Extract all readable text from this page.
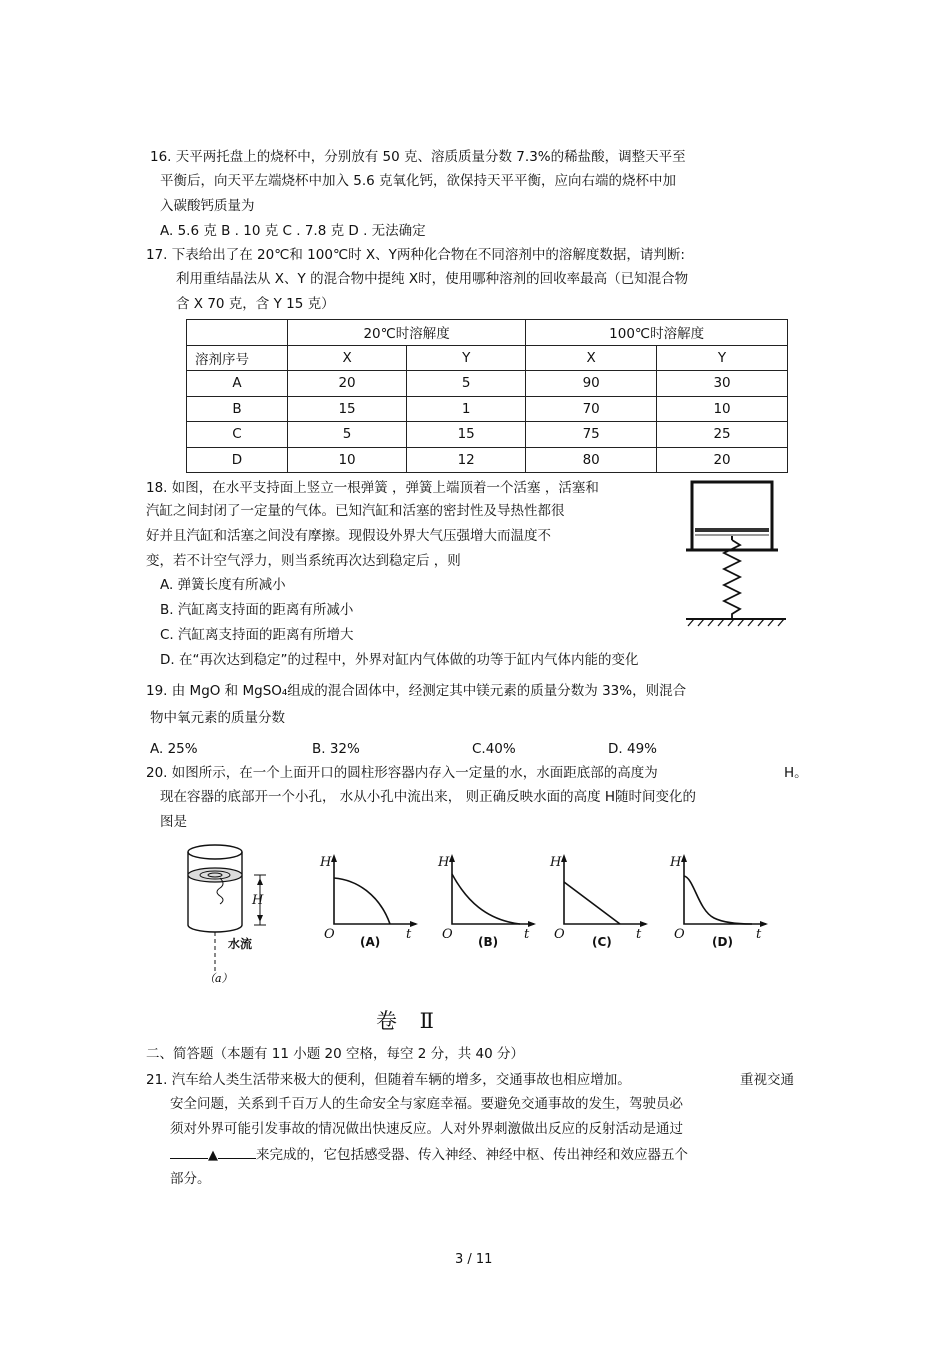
16. 天平两托盘上的烧杯中，分别放有 50 克、溶质质量分数 7.3%的稀盐酸，调整天平至
平衡后，向天平左端烧杯中加入 5.6 克氧化钙，欲保持天平平衡，应向右端的烧杯中加
入碳酸钙质量为
A. 5.6 克 B . 10 克 C . 7.8 克 D . 无法确定
17. 下表给出了在 20℃和 100℃时 X、Y两种化合物在不同溶剂中的溶解度数据，请判断:
利用重结晶法从 X、Y 的混合物中提纯 X时，使用哪种溶剂的回收率最高（已知混合物
含 X 70 克，含 Y 15 克）
	20℃时溶解度		100℃时溶解度	
溶剂序号	X	Y	X	Y
A	20	5	90	30
B	15	1	70	10
C	5	15	75	25
D	10	12	80	20
18. 如图，在水平支持面上竖立一根弹簧 ，弹簧上端顶着一个活塞 ，活塞和
汽缸之间封闭了一定量的气体。已知汽缸和活塞的密封性及导热性都很
好并且汽缸和活塞之间没有摩擦。现假设外界大气压强增大而温度不
变，若不计空气浮力，则当系统再次达到稳定后 ，则
A. 弹簧长度有所减小
B. 汽缸离支持面的距离有所减小
C. 汽缸离支持面的距离有所增大
D. 在“再次达到稳定”的过程中，外界对缸内气体做的功等于缸内气体内能的变化
19. 由 MgO 和 MgSO₄组成的混合固体中，经测定其中镁元素的质量分数为 33%，则混合
物中氧元素的质量分数
A. 25%	B. 32%	C.40%	D. 49%
20. 如图所示，在一个上面开口的圆柱形容器内存入一定量的水，水面距底部的高度为	H。
现在容器的底部开一个小孔， 水从小孔中流出来， 则正确反映水面的高度 H随时间变化的
图是
H
水流
（a）
H
O	t
(A)
H
O	t
(B)
H
O	t
(C)
H
O	t
(D)
卷 Ⅱ
二、简答题（本题有 11 小题 20 空格，每空 2 分，共 40 分）
21. 汽车给人类生活带来极大的便利，但随着车辆的增多，交通事故也相应增加。	重视交通
安全问题，关系到千百万人的生命安全与家庭幸福。要避免交通事故的发生，驾驶员必
须对外界可能引发事故的情况做出快速反应。人对外界刺激做出反应的反射活动是通过
▲	来完成的，它包括感受器、传入神经、神经中枢、传出神经和效应器五个
部分。
3 / 11
